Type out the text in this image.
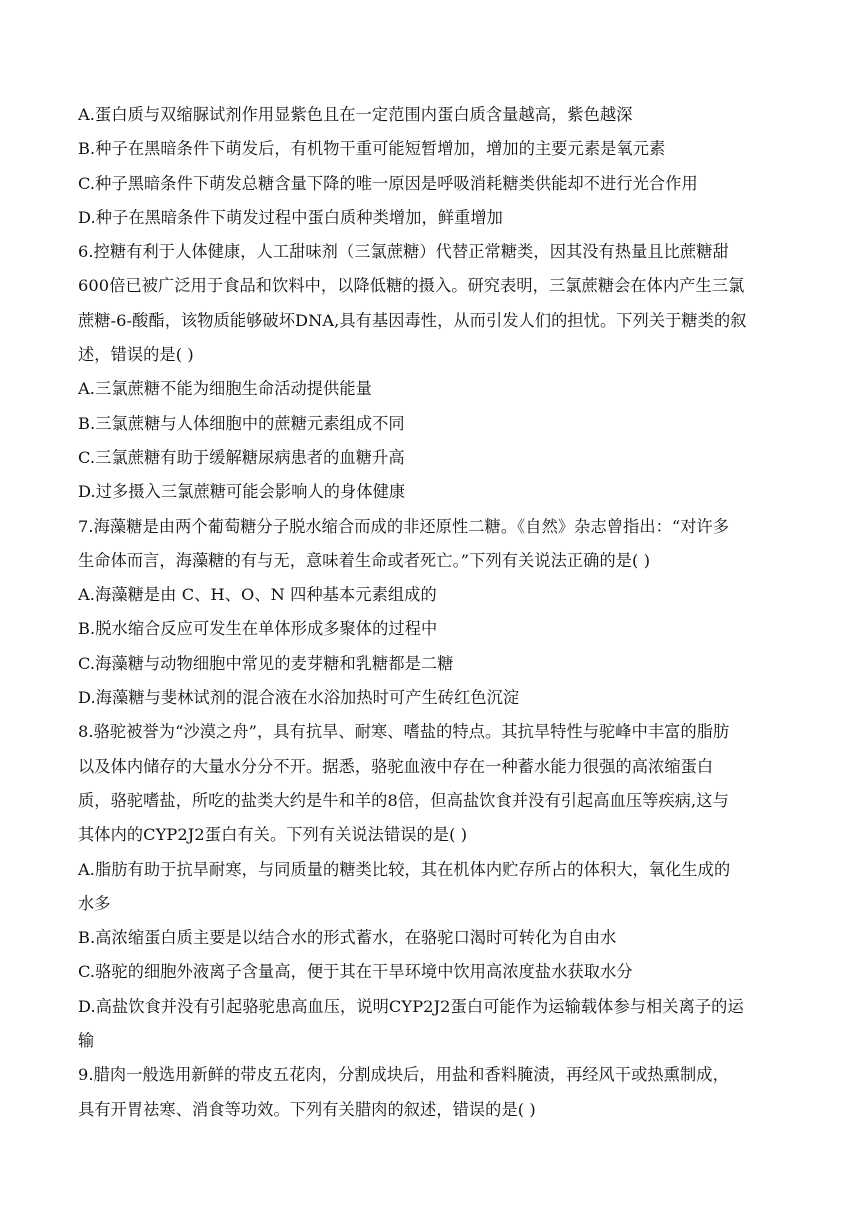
A.蛋白质与双缩脲试剂作用显紫色且在一定范围内蛋白质含量越高，紫色越深
B.种子在黑暗条件下萌发后，有机物干重可能短暂增加，增加的主要元素是氧元素
C.种子黑暗条件下萌发总糖含量下降的唯一原因是呼吸消耗糖类供能却不进行光合作用
D.种子在黑暗条件下萌发过程中蛋白质种类增加，鲜重增加
6.控糖有利于人体健康，人工甜味剂（三氯蔗糖）代替正常糖类，因其没有热量且比蔗糖甜
600倍已被广泛用于食品和饮料中，以降低糖的摄入。研究表明，三氯蔗糖会在体内产生三氯
蔗糖-6-酸酯，该物质能够破坏DNA,具有基因毒性，从而引发人们的担忧。下列关于糖类的叙
述，错误的是( )
A.三氯蔗糖不能为细胞生命活动提供能量
B.三氯蔗糖与人体细胞中的蔗糖元素组成不同
C.三氯蔗糖有助于缓解糖尿病患者的血糖升高
D.过多摄入三氯蔗糖可能会影响人的身体健康
7.海藻糖是由两个葡萄糖分子脱水缩合而成的非还原性二糖。《自然》杂志曾指出：“对许多
生命体而言，海藻糖的有与无，意味着生命或者死亡。”下列有关说法正确的是( )
A.海藻糖是由 C、H、O、N 四种基本元素组成的
B.脱水缩合反应可发生在单体形成多聚体的过程中
C.海藻糖与动物细胞中常见的麦芽糖和乳糖都是二糖
D.海藻糖与斐林试剂的混合液在水浴加热时可产生砖红色沉淀
8.骆驼被誉为“沙漠之舟”，具有抗旱、耐寒、嗜盐的特点。其抗旱特性与驼峰中丰富的脂肪
以及体内储存的大量水分分不开。据悉，骆驼血液中存在一种蓄水能力很强的高浓缩蛋白
质，骆驼嗜盐，所吃的盐类大约是牛和羊的8倍，但高盐饮食并没有引起高血压等疾病,这与
其体内的CYP2J2蛋白有关。下列有关说法错误的是( )
A.脂肪有助于抗旱耐寒，与同质量的糖类比较，其在机体内贮存所占的体积大，氧化生成的
水多
B.高浓缩蛋白质主要是以结合水的形式蓄水，在骆驼口渴时可转化为自由水
C.骆驼的细胞外液离子含量高，便于其在干旱环境中饮用高浓度盐水获取水分
D.高盐饮食并没有引起骆驼患高血压，说明CYP2J2蛋白可能作为运输载体参与相关离子的运
输
9.腊肉一般选用新鲜的带皮五花肉，分割成块后，用盐和香料腌渍，再经风干或热熏制成，
具有开胃祛寒、消食等功效。下列有关腊肉的叙述，错误的是( )
